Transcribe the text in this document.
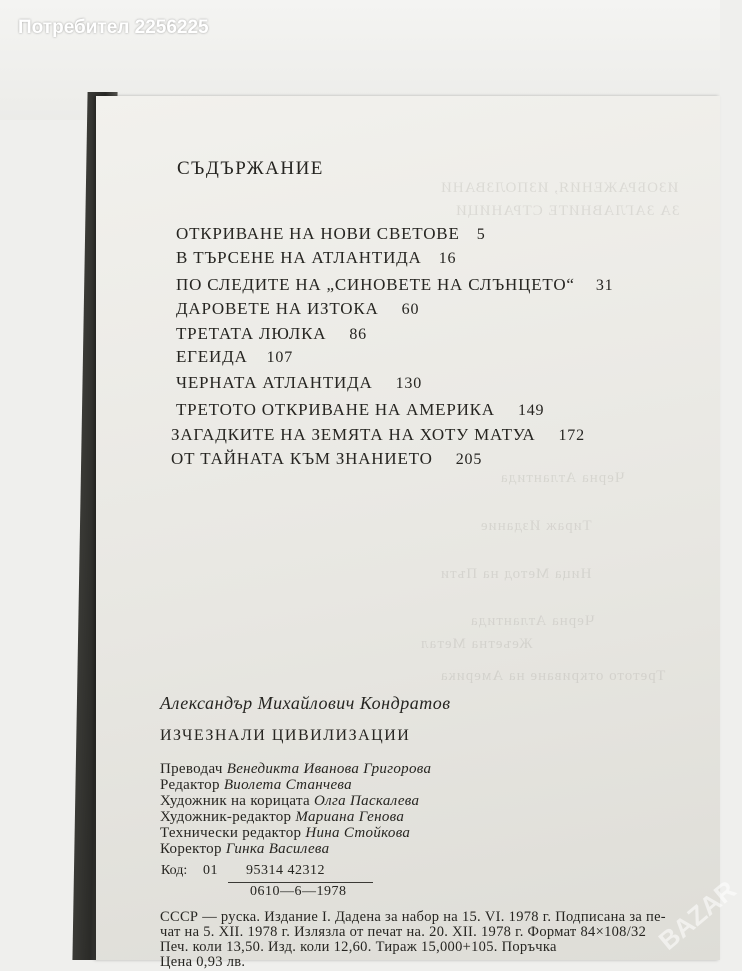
Потребител 2256225
ИЗОБРАЖЕНИЯ, ИЗПОЛЗВАНИ
ЗА ЗАГЛАВНИТЕ СТРАНИЦИ
Черна Атлантида
Тираж Издание
Ница Метод на Пъти
Черна Атлантида
Жеъетна Метал
Третото откриване на Америка
СЪДЪРЖАНИЕ
ОТКРИВАНЕ НА НОВИ СВЕТОВЕ 5
В ТЪРСЕНЕ НА АТЛАНТИДА 16
ПО СЛЕДИТЕ НА „СИНОВЕТЕ НА СЛЪНЦЕТО“ 31
ДАРОВЕТЕ НА ИЗТОКА 60
ТРЕТАТА ЛЮЛКА 86
ЕГЕИДА 107
ЧЕРНАТА АТЛАНТИДА 130
ТРЕТОТО ОТКРИВАНЕ НА АМЕРИКА 149
ЗАГАДКИТЕ НА ЗЕМЯТА НА ХОТУ МАТУА 172
ОТ ТАЙНАТА КЪМ ЗНАНИЕТО 205
Александър Михайлович Кондратов
ИЗЧЕЗНАЛИ ЦИВИЛИЗАЦИИ
Преводач Венедикта Иванова Григорова
Редактор Виолета Станчева
Художник на корицата Олга Паскалева
Художник-редактор Мариана Генова
Технически редактор Нина Стойкова
Коректор Гинка Василева
Код: 01 95314 42312
0610—6—1978
СССР — руска. Издание I. Дадена за набор на 15. VI. 1978 г. Подписана за пе-
чат на 5. XII. 1978 г. Излязла от печат на. 20. XII. 1978 г. Формат 84×108/32
Печ. коли 13,50. Изд. коли 12,60. Тираж 15,000+105. Поръчка
Цена 0,93 лв.
BAZAR
